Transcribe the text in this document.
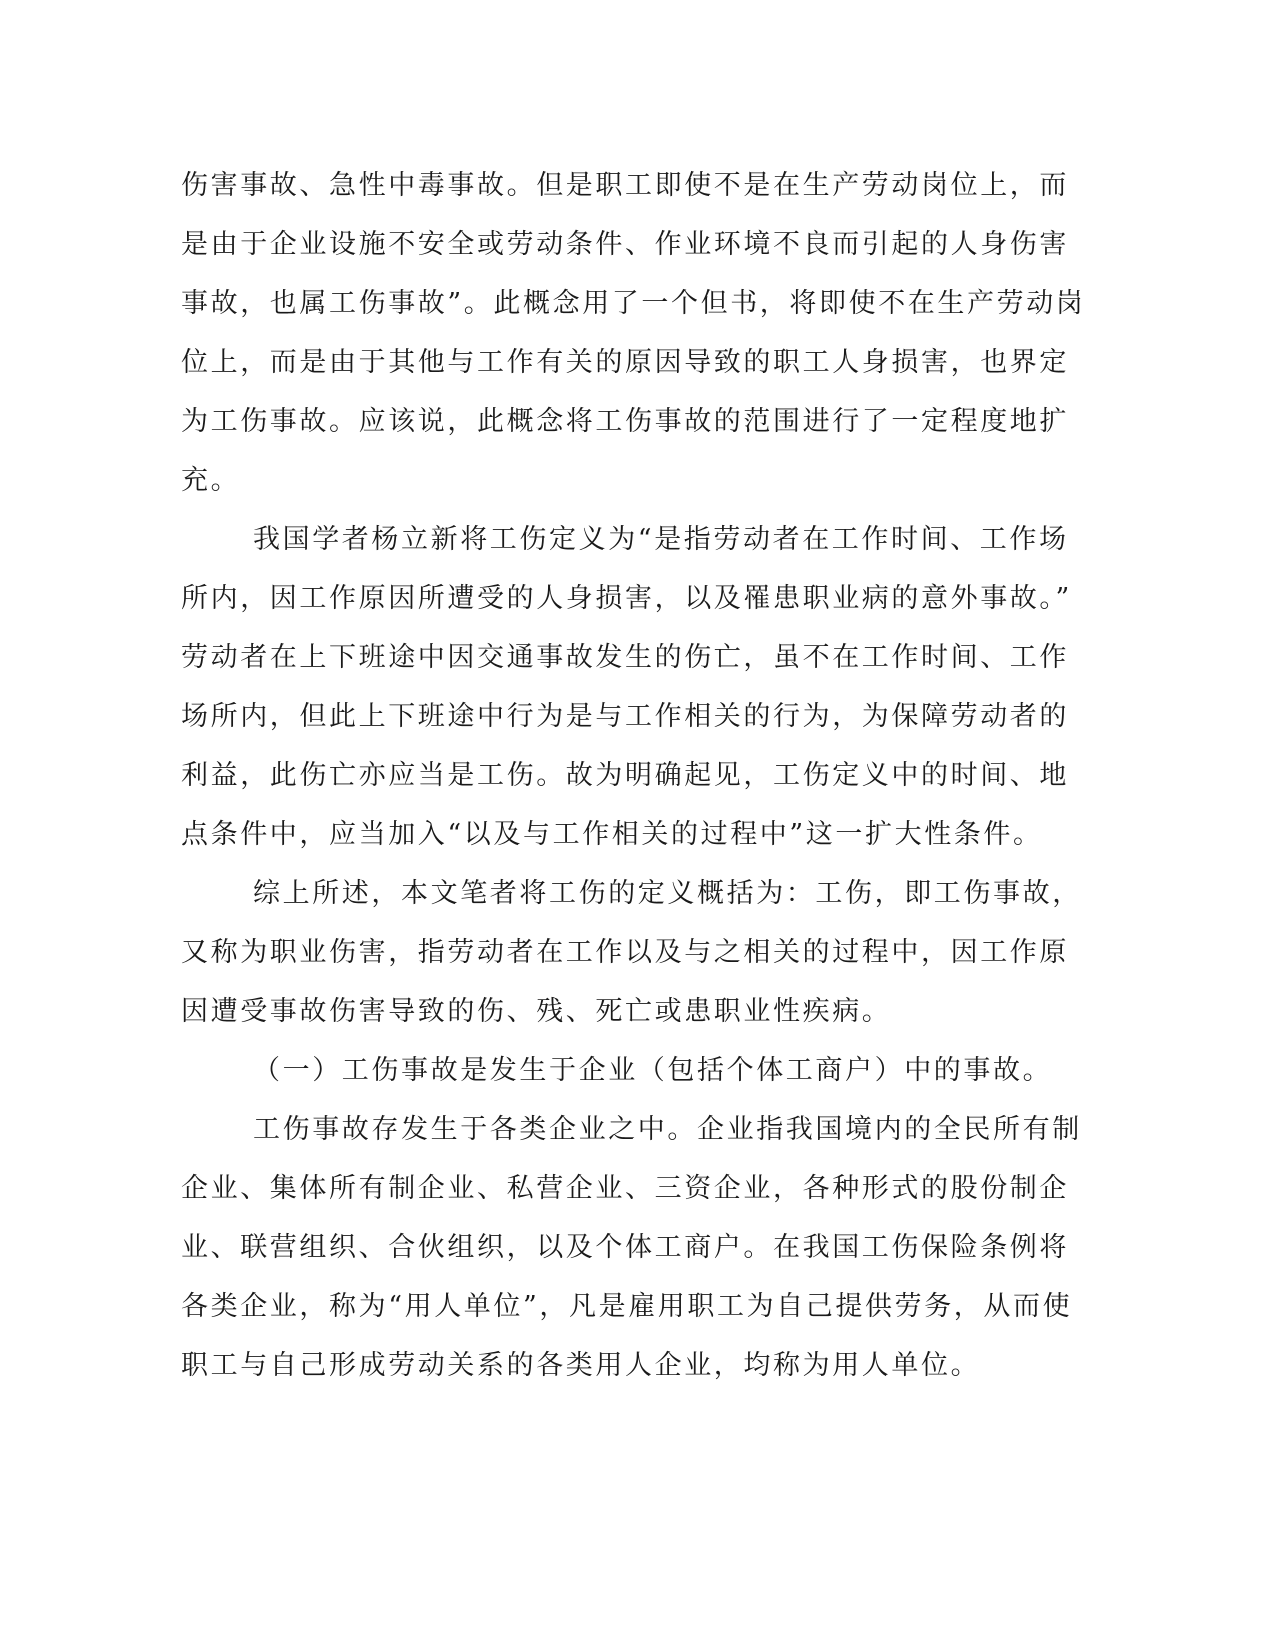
伤害事故、急性中毒事故。但是职工即使不是在生产劳动岗位上，而

是由于企业设施不安全或劳动条件、作业环境不良而引起的人身伤害

事故，也属工伤事故”。此概念用了一个但书，将即使不在生产劳动岗

位上，而是由于其他与工作有关的原因导致的职工人身损害，也界定

为工伤事故。应该说，此概念将工伤事故的范围进行了一定程度地扩

充。

我国学者杨立新将工伤定义为“是指劳动者在工作时间、工作场

所内，因工作原因所遭受的人身损害，以及罹患职业病的意外事故。”

劳动者在上下班途中因交通事故发生的伤亡，虽不在工作时间、工作

场所内，但此上下班途中行为是与工作相关的行为，为保障劳动者的

利益，此伤亡亦应当是工伤。故为明确起见，工伤定义中的时间、地

点条件中，应当加入“以及与工作相关的过程中”这一扩大性条件。

综上所述，本文笔者将工伤的定义概括为：工伤，即工伤事故，

又称为职业伤害，指劳动者在工作以及与之相关的过程中，因工作原

因遭受事故伤害导致的伤、残、死亡或患职业性疾病。

（一）工伤事故是发生于企业（包括个体工商户）中的事故。

工伤事故存发生于各类企业之中。企业指我国境内的全民所有制

企业、集体所有制企业、私营企业、三资企业，各种形式的股份制企

业、联营组织、合伙组织，以及个体工商户。在我国工伤保险条例将

各类企业，称为“用人单位”，凡是雇用职工为自己提供劳务，从而使

职工与自己形成劳动关系的各类用人企业，均称为用人单位。
